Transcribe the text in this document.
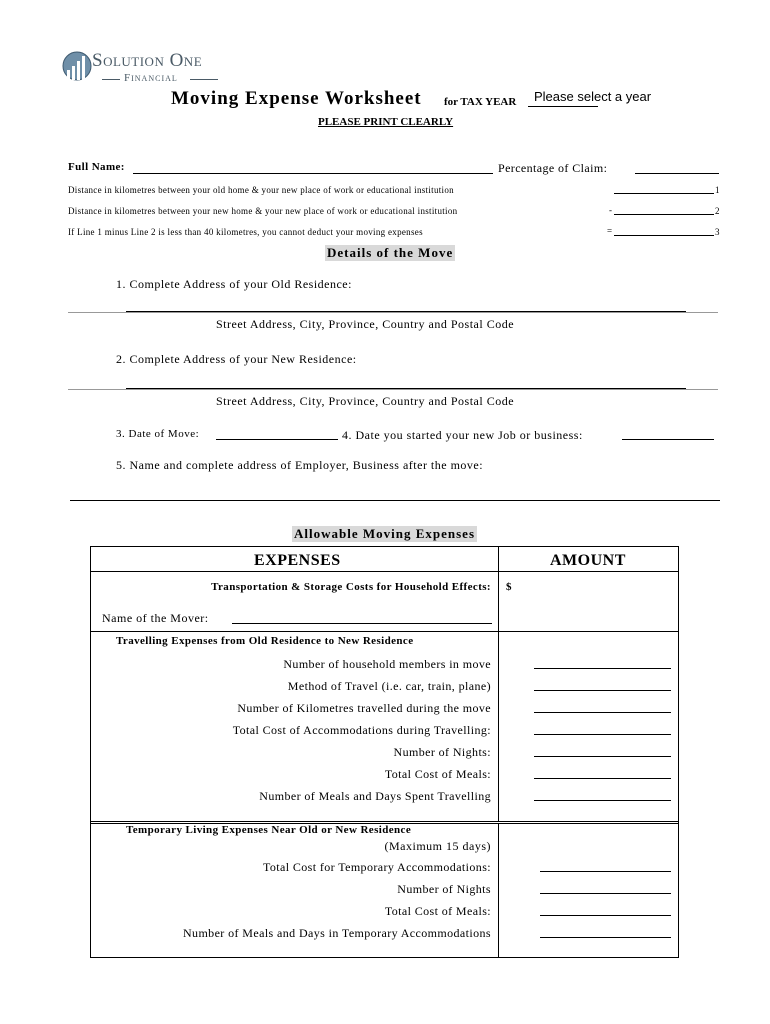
Solution One
Financial
Moving Expense Worksheet for TAX YEAR Please select a year
PLEASE PRINT CLEARLY
Full Name:	Percentage of Claim:
Distance in kilometres between your old home & your new place of work or educational institution	1
Distance in kilometres between your new home & your new place of work or educational institution	-	2
If Line 1 minus Line 2 is less than 40 kilometres, you cannot deduct your moving expenses	=	3
Details of the Move
1. Complete Address of your Old Residence:
Street Address, City, Province, Country and Postal Code
2. Complete Address of your New Residence:
Street Address, City, Province, Country and Postal Code
3. Date of Move:	4. Date you started your new Job or business:
5. Name and complete address of Employer, Business after the move:
Allowable Moving Expenses
EXPENSES	AMOUNT
Transportation & Storage Costs for Household Effects: $
Name of the Mover:
Travelling Expenses from Old Residence to New Residence
Number of household members in move
Method of Travel (i.e. car, train, plane)
Number of Kilometres travelled during the move
Total Cost of Accommodations during Travelling:
Number of Nights:
Total Cost of Meals:
Number of Meals and Days Spent Travelling
Temporary Living Expenses Near Old or New Residence
(Maximum 15 days)
Total Cost for Temporary Accommodations:
Number of Nights
Total Cost of Meals:
Number of Meals and Days in Temporary Accommodations
